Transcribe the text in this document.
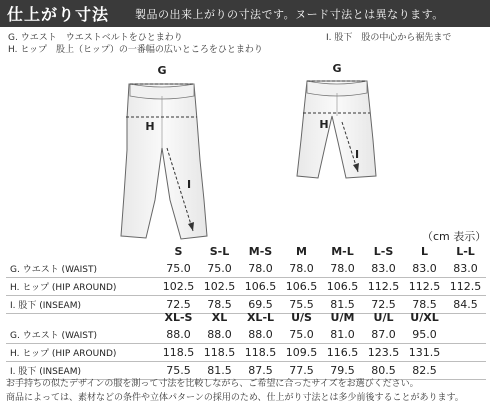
仕上がり寸法 製品の出来上がりの寸法です。ヌード寸法とは異なります。
G. ウエスト　ウエストベルトをひとまわり
H. ヒップ　股上（ヒップ）の一番幅の広いところをひとまわり
I. 股下　股の中心から裾先まで
G
H
I
G
H
I
（cm 表示）
	S	S-L	M-S	M	M-L	L-S	L	L-L
G. ウエスト (WAIST)	75.0	75.0	78.0	78.0	78.0	83.0	83.0	83.0
H. ヒップ (HIP AROUND)	102.5	102.5	106.5	106.5	106.5	112.5	112.5	112.5
I. 股下 (INSEAM)	72.5	78.5	69.5	75.5	81.5	72.5	78.5	84.5
	XL-S	XL	XL-L	U/S	U/M	U/L	U/XL	
G. ウエスト (WAIST)	88.0	88.0	88.0	75.0	81.0	87.0	95.0	
H. ヒップ (HIP AROUND)	118.5	118.5	118.5	109.5	116.5	123.5	131.5	
I. 股下 (INSEAM)	75.5	81.5	87.5	77.5	79.5	80.5	82.5	
お手持ちの似たデザインの服を測って寸法を比較しながら、ご希望に合ったサイズをお選びください。
商品によっては、素材などの条件や立体パターンの採用のため、仕上がり寸法とは多少前後することがあります。
